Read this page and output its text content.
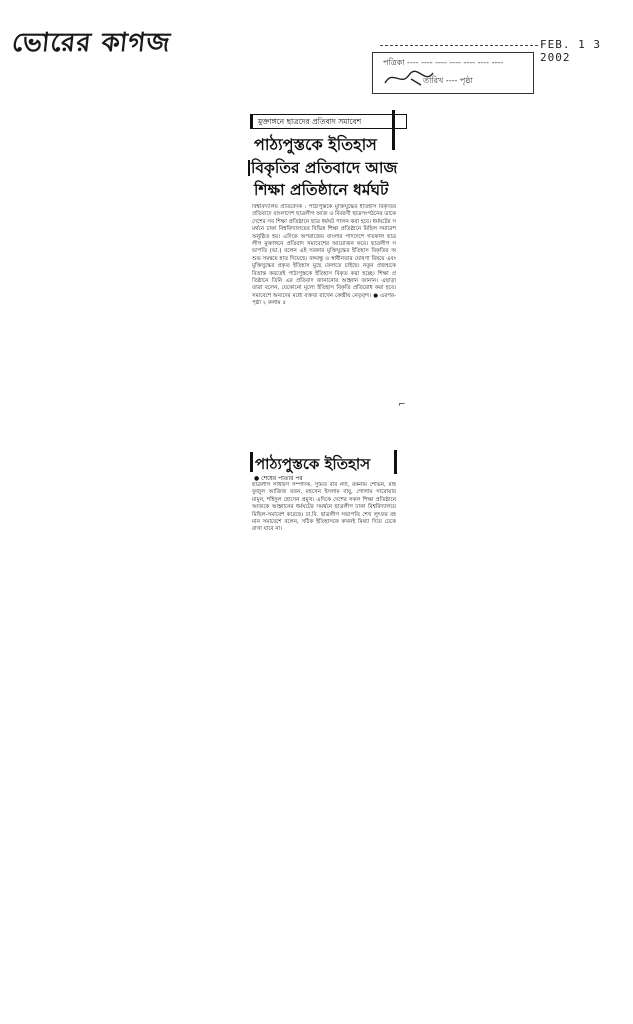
ভোরের কাগজ	FEB. 1 3 2002
পত্রিকা ---- ---- ---- ---- ---- ---- ----
তারিখ ---- পৃষ্ঠা
মুক্তাঙ্গনে ছাত্রদের প্রতিবাদ সমাবেশ
পাঠ্যপুস্তকে ইতিহাস
বিকৃতির প্রতিবাদে আজ
শিক্ষা প্রতিষ্ঠানে ধর্মঘট
বিশ্ববিদ্যালয় প্রতিবেদক : পাঠ্যপুস্তকে মুক্তিযুদ্ধের ইতিহাস বিকৃতির প্রতিবাদে বাংলাদেশ ছাত্রলীগ আজ ও বিবরণী ছাত্রসংগঠনের ডাকে দেশের সব শিক্ষা প্রতিষ্ঠানে ছাত্র ধর্মঘট পালন করা হবে। ধর্মঘটের সমর্থনে ঢাকা বিশ্ববিদ্যালয়ের বিভিন্ন শিক্ষা প্রতিষ্ঠানে মিছিল সমাবেশ অনুষ্ঠিত হয়। এদিকে অপরাজেয় বাংলার পাদদেশে গতকাল ছাত্রলীগ মুক্তাঙ্গনে প্রতিবাদ সমাবেশের আয়োজন করে। ছাত্রলীগ সভাপতি (ভা.) বলেন এই সরকার মুক্তিযুদ্ধের ইতিহাস বিকৃতির অশুভ সমন্বয়ে হাত দিয়েছে। বঙ্গবন্ধু ও স্বাধীনতার ঘোষণা বিষয়ে এবং মুক্তিযুদ্ধের প্রকৃত ইতিহাস মুছে ফেলতে চাইছে। নতুন প্রজন্মকে বিভ্রান্ত করতেই পাঠ্যপুস্তকে ইতিহাস বিকৃত করা হচ্ছে। শিক্ষা প্রতিষ্ঠানে তিনি এর প্রতিবাদ জানানোর আহ্বান জানান। এছাড়া তারা বলেন, যেকোনো মূল্যে ইতিহাস বিকৃতি প্রতিরোধ করা হবে। সমাবেশে অন্যদের মধ্যে বক্তব্য রাখেন কেন্দ্রীয় নেতৃবৃন্দ। ● এরপর-পৃষ্ঠা ২ কলাম ৫
পাঠ্যপুস্তকে ইতিহাস
● শেষের পাতার পর
ছাত্রলীগ সাধারণ সম্পাদক, সুমিত বার নর্দা, রকনাম শোভন, মাহফুজুল আজিজ রতন, মহসেন ইসলাম বাবু, গোলাম সারোয়ার মামুন, শহিদুল হোসেন প্রমুখ। এদিকে দেশের সকল শিক্ষা প্রতিষ্ঠানে আজকে আহ্বানের ধর্মঘটের সমর্থনে ছাত্রলীগ ঢাকা বিশ্ববিদ্যালয়ে মিছিল-সমাবেশ করেছে। ঢা.বি. ছাত্রলীগ সভাপতি শেখ লুৎফর রহমান সমাবেশে বলেন, সঠিক ইতিহাসকে কখনই মিথ্যা দিয়ে ঢেকে রাখা যাবে না।
⌐
